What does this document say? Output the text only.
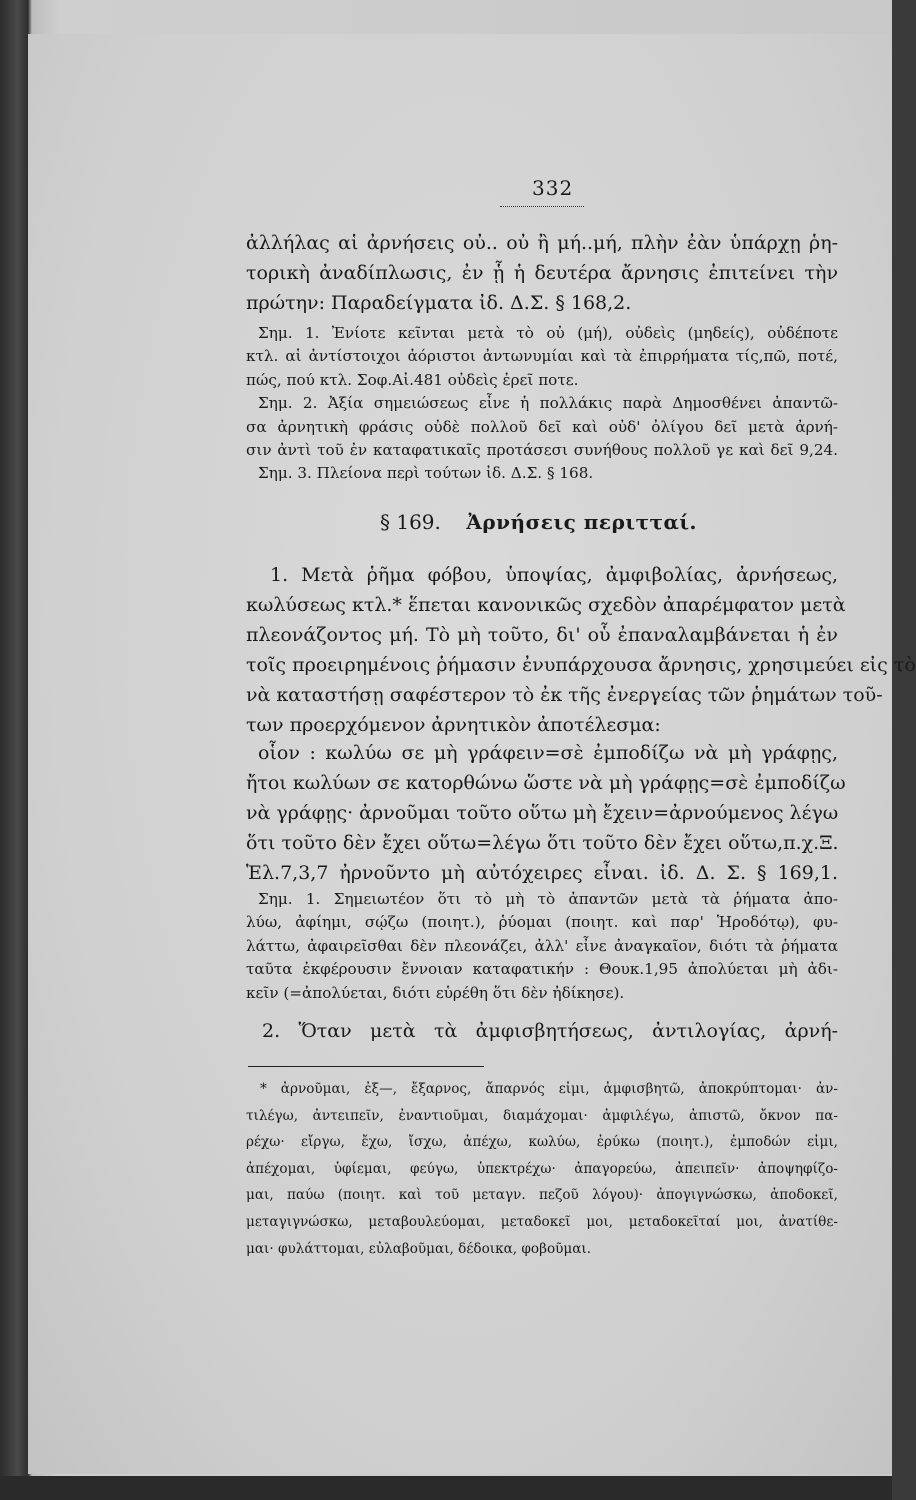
332
ἀλλήλας αἱ ἀρνήσεις οὐ.. οὐ ἢ μή..μή, πλὴν ἐὰν ὑπάρχῃ ῥη-
τορικὴ ἀναδίπλωσις, ἐν ᾗ ἡ δευτέρα ἄρνησις ἐπιτείνει τὴν
πρώτην: Παραδείγματα ἰδ. Δ.Σ. § 168,2.
Σημ. 1. Ἐνίοτε κεῖνται μετὰ τὸ οὐ (μή), οὐδεὶς (μηδείς), οὐδέποτε
κτλ. αἱ ἀντίστοιχοι ἀόριστοι ἀντωνυμίαι καὶ τὰ ἐπιρρήματα τίς,πῶ, ποτέ,
πώς, πού κτλ. Σοφ.Αἰ.481 οὐδεὶς ἐρεῖ ποτε.
Σημ. 2. Ἀξία σημειώσεως εἶνε ἡ πολλάκις παρὰ Δημοσθένει ἀπαντῶ-
σα ἀρνητικὴ φράσις οὐδὲ πολλοῦ δεῖ καὶ οὐδ' ὀλίγου δεῖ μετὰ ἀρνή-
σιν ἀντὶ τοῦ ἐν καταφατικαῖς προτάσεσι συνήθους πολλοῦ γε καὶ δεῖ 9,24.
Σημ. 3. Πλείονα περὶ τούτων ἰδ. Δ.Σ. § 168.
§ 169. Ἀρνήσεις περιτταί.
1. Μετὰ ῥῆμα φόβου, ὑποψίας, ἀμφιβολίας, ἀρνήσεως,
κωλύσεως κτλ.* ἕπεται κανονικῶς σχεδὸν ἀπαρέμφατον μετὰ
πλεονάζοντος μή. Τὸ μὴ τοῦτο, δι' οὗ ἐπαναλαμβάνεται ἡ ἐν
τοῖς προειρημένοις ῥήμασιν ἐνυπάρχουσα ἄρνησις, χρησιμεύει εἰς τὸ
νὰ καταστήσῃ σαφέστερον τὸ ἐκ τῆς ἐνεργείας τῶν ῥημάτων τοῦ-
των προερχόμενον ἀρνητικὸν ἀποτέλεσμα:
οἷον : κωλύω σε μὴ γράφειν=σὲ ἐμποδίζω νὰ μὴ γράφῃς,
ἤτοι κωλύων σε κατορθώνω ὥστε νὰ μὴ γράφῃς=σὲ ἐμποδίζω
νὰ γράφῃς· ἀρνοῦμαι τοῦτο οὕτω μὴ ἔχειν=ἀρνούμενος λέγω
ὅτι τοῦτο δὲν ἔχει οὕτω=λέγω ὅτι τοῦτο δὲν ἔχει οὕτω,π.χ.Ξ.
Ἑλ.7,3,7 ἠρνοῦντο μὴ αὐτόχειρες εἶναι. ἰδ. Δ. Σ. § 169,1.
Σημ. 1. Σημειωτέον ὅτι τὸ μὴ τὸ ἀπαντῶν μετὰ τὰ ῥήματα ἀπο-
λύω, ἀφίημι, σῴζω (ποιητ.), ῥύομαι (ποιητ. καὶ παρ' Ἡροδότῳ), φυ-
λάττω, ἀφαιρεῖσθαι δὲν πλεονάζει, ἀλλ' εἶνε ἀναγκαῖον, διότι τὰ ῥήματα
ταῦτα ἐκφέρουσιν ἔννοιαν καταφατικήν : Θουκ.1,95 ἀπολύεται μὴ ἀδι-
κεῖν (=ἀπολύεται, διότι εὑρέθη ὅτι δὲν ἠδίκησε).
2. Ὅταν μετὰ τὰ ἀμφισβητήσεως, ἀντιλογίας, ἀρνή-
* ἀρνοῦμαι, ἐξ—, ἔξαρνος, ἄπαρνός εἰμι, ἀμφισβητῶ, ἀποκρύπτομαι· ἀν-
τιλέγω, ἀντειπεῖν, ἐναντιοῦμαι, διαμάχομαι· ἀμφιλέγω, ἀπιστῶ, ὄκνον πα-
ρέχω· εἴργω, ἔχω, ἴσχω, ἀπέχω, κωλύω, ἐρύκω (ποιητ.), ἐμποδών εἰμι,
ἀπέχομαι, ὑφίεμαι, φεύγω, ὑπεκτρέχω· ἀπαγορεύω, ἀπειπεῖν· ἀποψηφίζο-
μαι, παύω (ποιητ. καὶ τοῦ μεταγν. πεζοῦ λόγου)· ἀπογιγνώσκω, ἀποδοκεῖ,
μεταγιγνώσκω, μεταβουλεύομαι, μεταδοκεῖ μοι, μεταδοκεῖταί μοι, ἀνατίθε-
μαι· φυλάττομαι, εὐλαβοῦμαι, δέδοικα, φοβοῦμαι.
